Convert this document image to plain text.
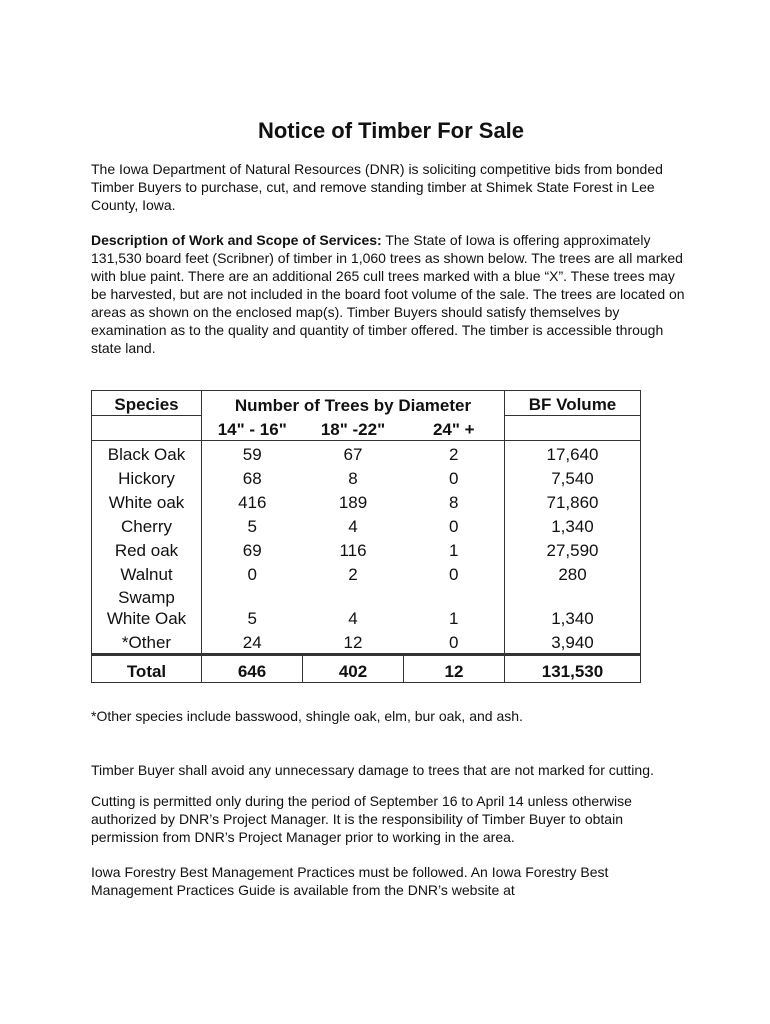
Notice of Timber For Sale

The Iowa Department of Natural Resources (DNR) is soliciting competitive bids from bonded Timber Buyers to purchase, cut, and remove standing timber at Shimek State Forest in Lee County, Iowa.

Description of Work and Scope of Services: The State of Iowa is offering approximately 131,530 board feet (Scribner) of timber in 1,060 trees as shown below. The trees are all marked with blue paint. There are an additional 265 cull trees marked with a blue “X”. These trees may be harvested, but are not included in the board foot volume of the sale. The trees are located on areas as shown on the enclosed map(s). Timber Buyers should satisfy themselves by examination as to the quality and quantity of timber offered. The timber is accessible through state land.

Species	Number of Trees by Diameter			BF Volume
	14" - 16"	18" -22"	24" +	
Black Oak	59	67	2	17,640
Hickory	68	8	0	7,540
White oak	416	189	8	71,860
Cherry	5	4	0	1,340
Red oak	69	116	1	27,590
Walnut	0	2	0	280
Swamp White Oak	5	4	1	1,340
*Other	24	12	0	3,940
Total	646	402	12	131,530

*Other species include basswood, shingle oak, elm, bur oak, and ash.

Timber Buyer shall avoid any unnecessary damage to trees that are not marked for cutting.

Cutting is permitted only during the period of September 16 to April 14 unless otherwise authorized by DNR’s Project Manager. It is the responsibility of Timber Buyer to obtain permission from DNR’s Project Manager prior to working in the area.

Iowa Forestry Best Management Practices must be followed. An Iowa Forestry Best Management Practices Guide is available from the DNR’s website at
